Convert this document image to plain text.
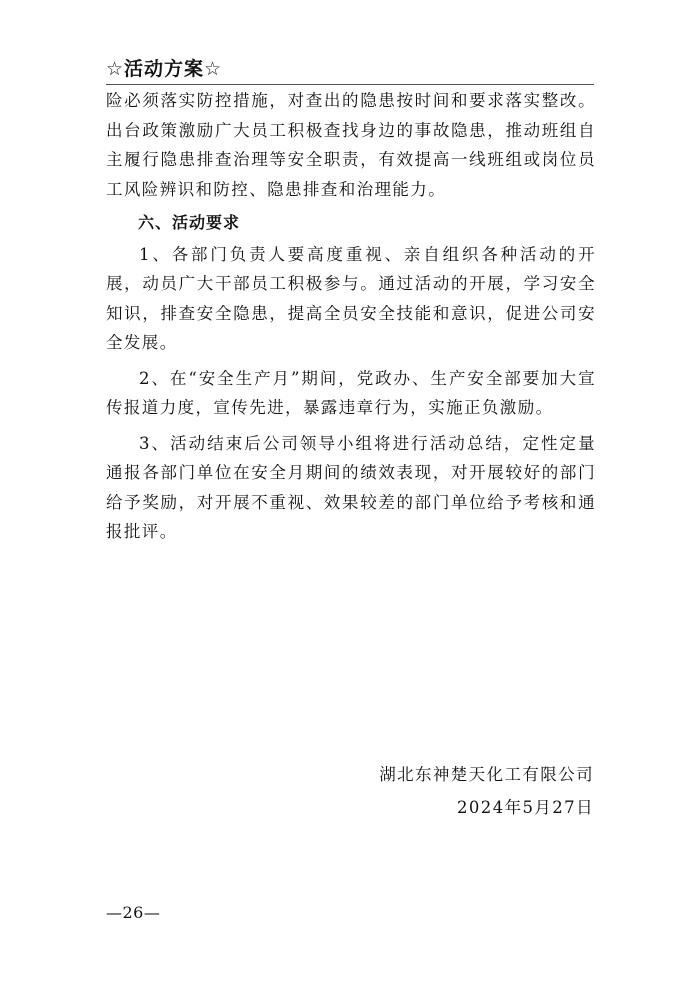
☆活动方案☆

险必须落实防控措施，对查出的隐患按时间和要求落实整改。出台政策激励广大员工积极查找身边的事故隐患，推动班组自主履行隐患排查治理等安全职责，有效提高一线班组或岗位员工风险辨识和防控、隐患排查和治理能力。

六、活动要求

1、各部门负责人要高度重视、亲自组织各种活动的开展，动员广大干部员工积极参与。通过活动的开展，学习安全知识，排查安全隐患，提高全员安全技能和意识，促进公司安全发展。

2、在“安全生产月”期间，党政办、生产安全部要加大宣传报道力度，宣传先进，暴露违章行为，实施正负激励。

3、活动结束后公司领导小组将进行活动总结，定性定量通报各部门单位在安全月期间的绩效表现，对开展较好的部门给予奖励，对开展不重视、效果较差的部门单位给予考核和通报批评。

湖北东神楚天化工有限公司
2024年5月27日
—26—
